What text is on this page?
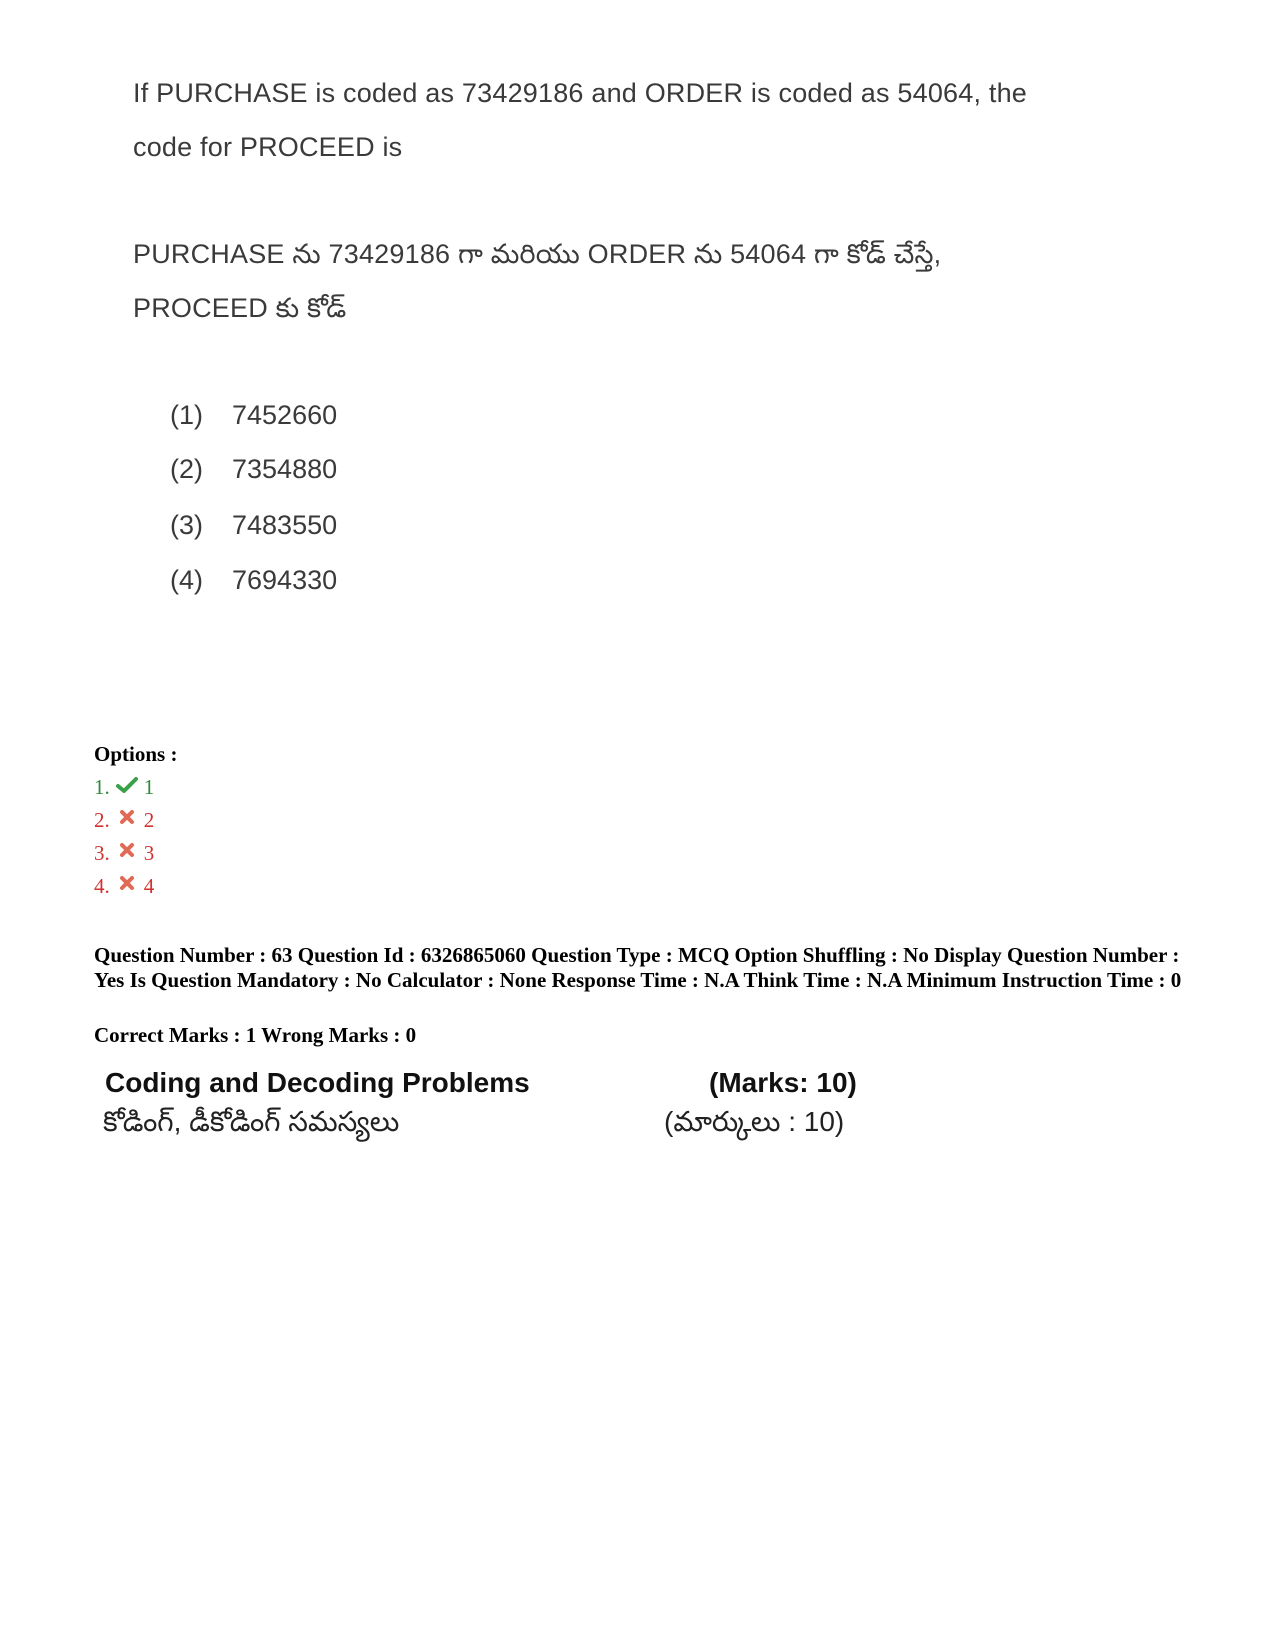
If PURCHASE is coded as 73429186 and ORDER is coded as 54064, the
code for PROCEED is
PURCHASE ను 73429186 గా మరియు ORDER ను 54064 గా కోడ్ చేస్తే,
PROCEED కు కోడ్
(1) 7452660
(2) 7354880
(3) 7483550
(4) 7694330
Options :
1. 1
2. 2
3. 3
4. 4
Question Number : 63 Question Id : 6326865060 Question Type : MCQ Option Shuffling : No Display Question Number : Yes Is Question Mandatory : No Calculator : None Response Time : N.A Think Time : N.A Minimum Instruction Time : 0
Correct Marks : 1 Wrong Marks : 0
Coding and Decoding Problems	(Marks: 10)
కోడింగ్, డీకోడింగ్ సమస్యలు	(మార్కులు : 10)
